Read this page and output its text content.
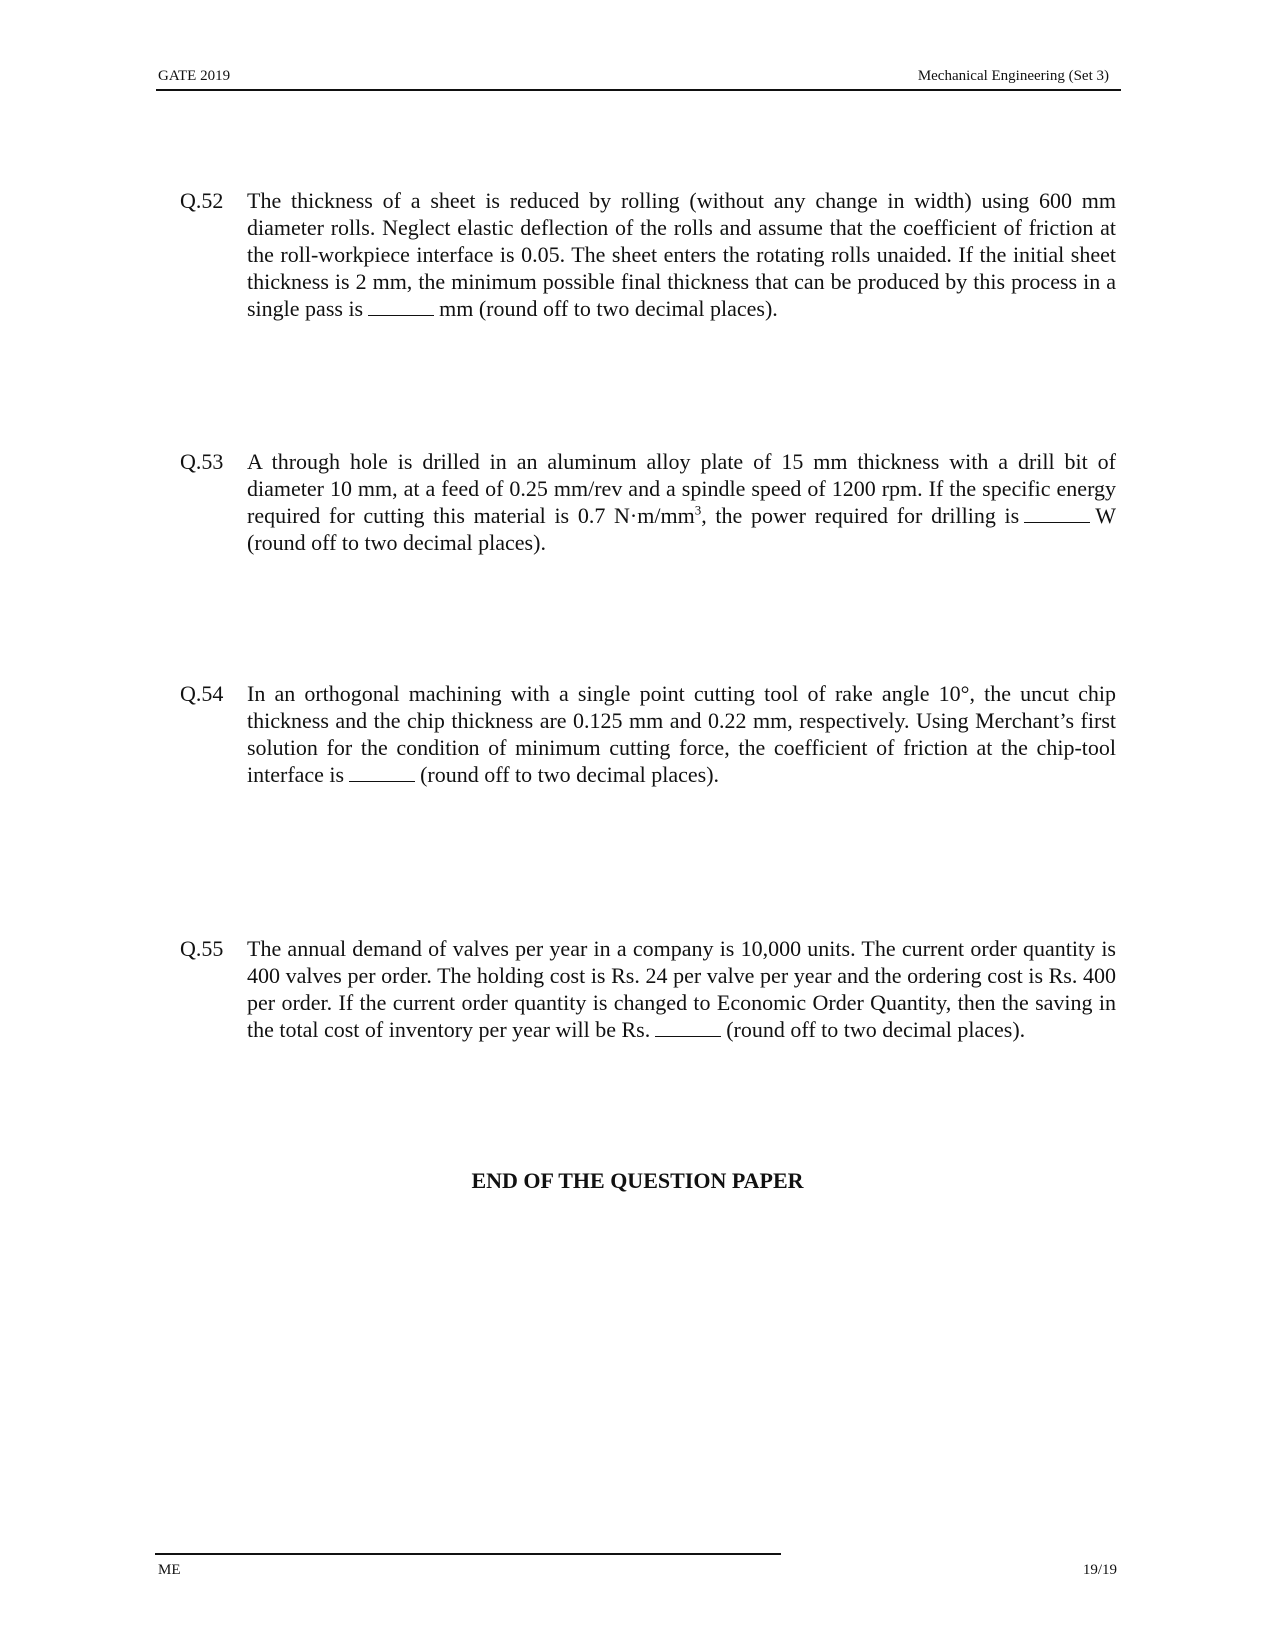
GATE 2019	Mechanical Engineering (Set 3)
Q.52	The thickness of a sheet is reduced by rolling (without any change in width) using 600 mm diameter rolls. Neglect elastic deflection of the rolls and assume that the coefficient of friction at the roll-workpiece interface is 0.05. The sheet enters the rotating rolls unaided. If the initial sheet thickness is 2 mm, the minimum possible final thickness that can be produced by this process in a single pass is	mm (round off to two decimal places).
Q.53	A through hole is drilled in an aluminum alloy plate of 15 mm thickness with a drill bit of diameter 10 mm, at a feed of 0.25 mm/rev and a spindle speed of 1200 rpm. If the specific energy required for cutting this material is 0.7 $N\cdot m/mm^3$, the power required for drilling is	W (round off to two decimal places).
Q.54	In an orthogonal machining with a single point cutting tool of rake angle 10°, the uncut chip thickness and the chip thickness are 0.125 mm and 0.22 mm, respectively. Using Merchant’s first solution for the condition of minimum cutting force, the coefficient of friction at the chip-tool interface is	(round off to two decimal places).
Q.55	The annual demand of valves per year in a company is 10,000 units. The current order quantity is 400 valves per order. The holding cost is Rs. 24 per valve per year and the ordering cost is Rs. 400 per order. If the current order quantity is changed to Economic Order Quantity, then the saving in the total cost of inventory per year will be Rs.	(round off to two decimal places).
END OF THE QUESTION PAPER
ME	19/19
